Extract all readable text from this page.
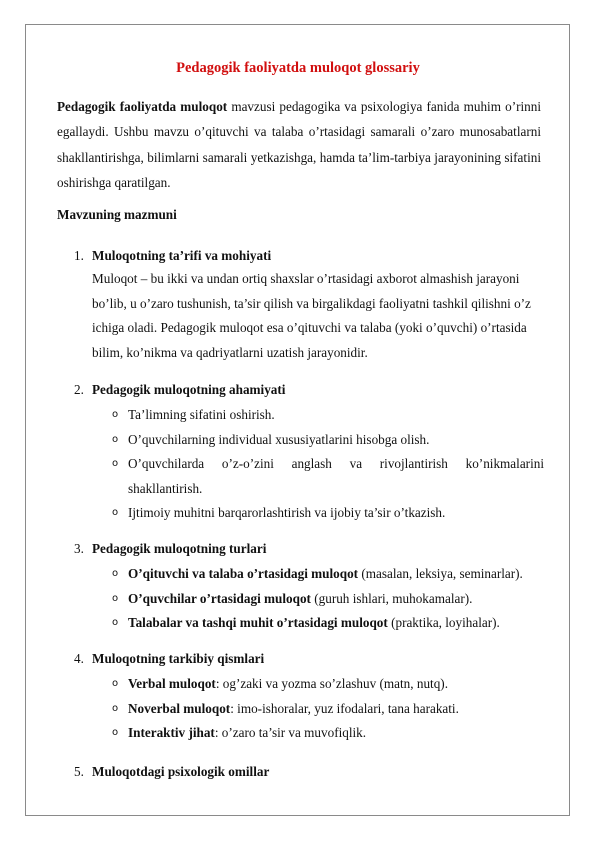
Pedagogik faoliyatda muloqot glossariy

Pedagogik faoliyatda muloqot mavzusi pedagogika va psixologiya fanida muhim o’rinni egallaydi. Ushbu mavzu o’qituvchi va talaba o’rtasidagi samarali o’zaro munosabatlarni shakllantirishga, bilimlarni samarali yetkazishga, hamda ta’lim-tarbiya jarayonining sifatini oshirishga qaratilgan.

Mavzuning mazmuni
1. Muloqotning ta’rifi va mohiyati
Muloqot – bu ikki va undan ortiq shaxslar o’rtasidagi axborot almashish jarayoni bo’lib, u o’zaro tushunish, ta’sir qilish va birgalikdagi faoliyatni tashkil qilishni o’z ichiga oladi. Pedagogik muloqot esa o’qituvchi va talaba (yoki o’quvchi) o’rtasida bilim, ko’nikma va qadriyatlarni uzatish jarayonidir.
2. Pedagogik muloqotning ahamiyati
o Ta’limning sifatini oshirish.
o O’quvchilarning individual xususiyatlarini hisobga olish.
o O’quvchilarda o’z-o’zini anglash va rivojlantirish ko’nikmalarini shakllantirish.
o Ijtimoiy muhitni barqarorlashtirish va ijobiy ta’sir o’tkazish.
3. Pedagogik muloqotning turlari
o O’qituvchi va talaba o’rtasidagi muloqot (masalan, leksiya, seminarlar).
o O’quvchilar o’rtasidagi muloqot (guruh ishlari, muhokamalar).
o Talabalar va tashqi muhit o’rtasidagi muloqot (praktika, loyihalar).
4. Muloqotning tarkibiy qismlari
o Verbal muloqot: og’zaki va yozma so’zlashuv (matn, nutq).
o Noverbal muloqot: imo-ishoralar, yuz ifodalari, tana harakati.
o Interaktiv jihat: o’zaro ta’sir va muvofiqlik.
5. Muloqotdagi psixologik omillar
